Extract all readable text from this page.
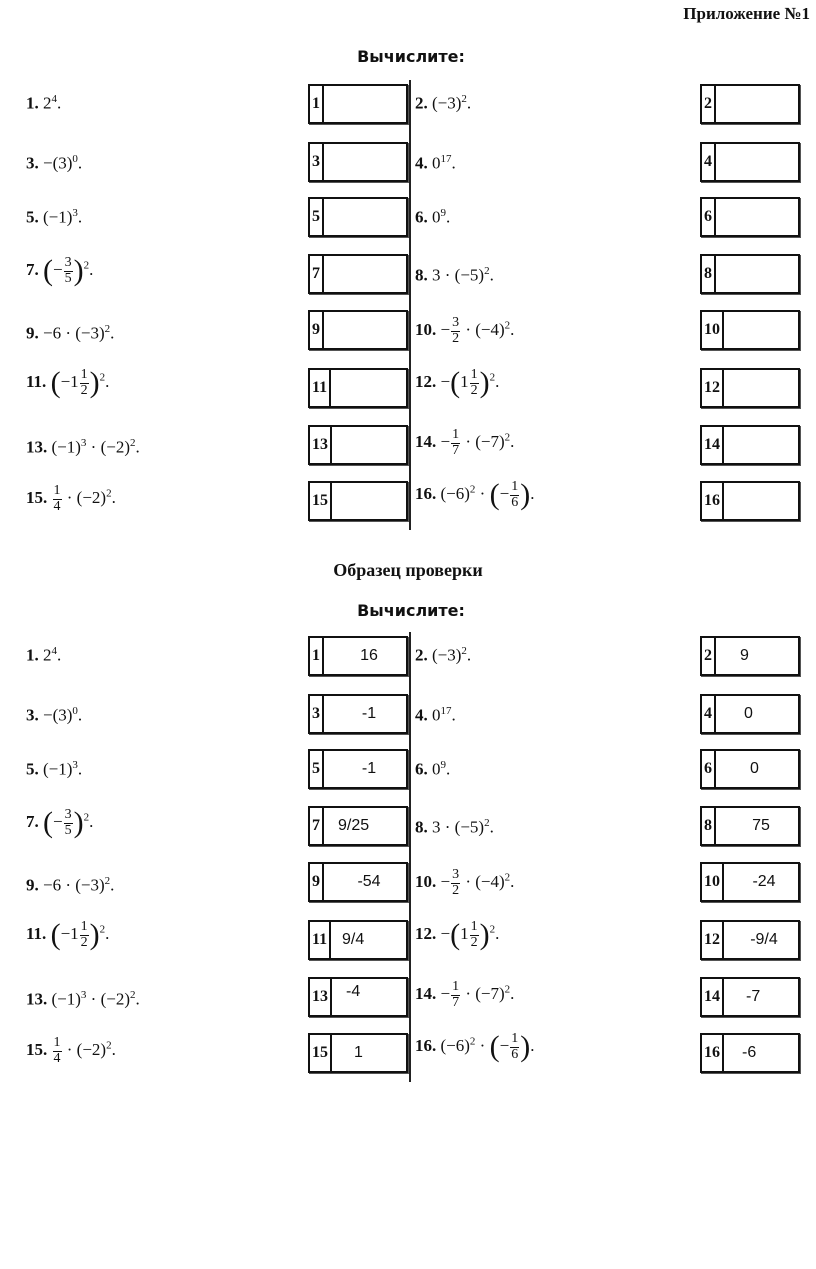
Приложение №1
Вычислите:
Образец проверки
Вычислите:
1. $2^4$.	2. $(-3)^2$.
3. $-(3)^0$.	4. $0^{17}$.
5. $(-1)^3$.	6. $0^9$.
7. (− $\frac{3}{5} )^2$.	8. $3 \cdot (-5)^2$.
9. $-6 \cdot (-3)^2$.	10. − $\frac{3}{2} \cdot (-4)^2$.
11. $(-1 \frac{1}{2} )^2$.	12. $-(1 \frac{1}{2} )^2$.
13. $(-1)^3 \cdot (-2)^2$.	14. − $\frac{1}{7} \cdot (-7)^2$.
15. $\frac{1}{4} \cdot (-2)^2$.	16. $(-6)^2$ · (− $\frac{1}{6}$ ).
1	2
3	4
5	6
7	8
9	10
11	12
13	14
15	16
1. $2^4$.	2. $(-3)^2$.
3. $-(3)^0$.	4. $0^{17}$.
5. $(-1)^3$.	6. $0^9$.
7. (− $\frac{3}{5} )^2$.	8. $3 \cdot (-5)^2$.
9. $-6 \cdot (-3)^2$.	10. − $\frac{3}{2} \cdot (-4)^2$.
11. $(-1 \frac{1}{2} )^2$.	12. $-(1 \frac{1}{2} )^2$.
13. $(-1)^3 \cdot (-2)^2$.	14. − $\frac{1}{7} \cdot (-7)^2$.
15. $\frac{1}{4} \cdot (-2)^2$.	16. $(-6)^2$ · (− $\frac{1}{6}$ ).
1	16	2	9
3	-1	4	0
5	-1	6	0
7	9/25	8	75
9	-54	10	-24
11 9/4	12	-9/4
13	-4	14	-7
15	1	16	-6
